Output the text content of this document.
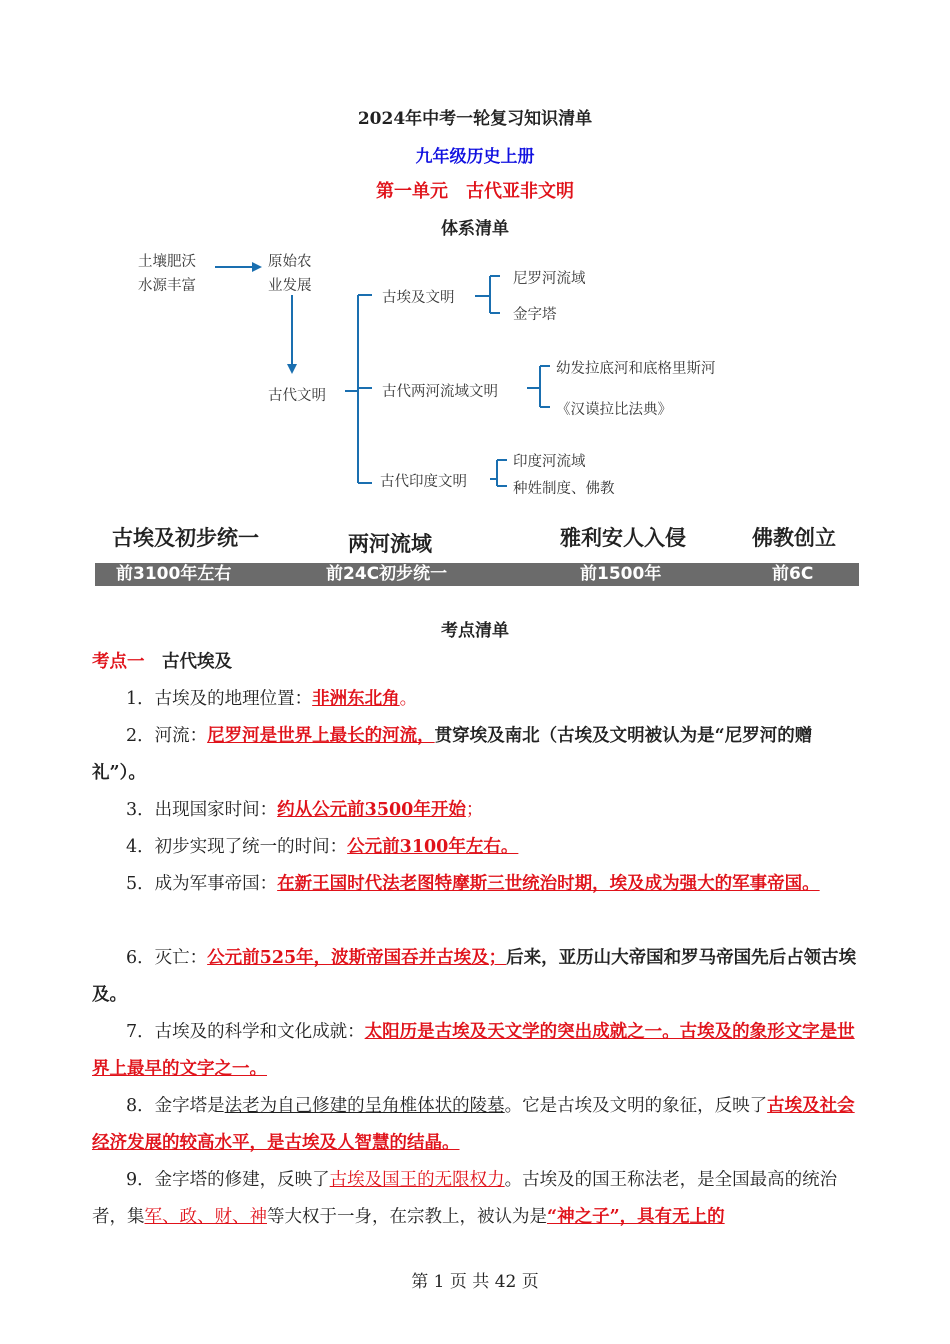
2024年中考一轮复习知识清单
九年级历史上册
第一单元　古代亚非文明
体系清单
土壤肥沃
水源丰富
原始农
业发展
古代文明
古埃及文明
尼罗河流域
金字塔
古代两河流域文明
幼发拉底河和底格里斯河
《汉谟拉比法典》
古代印度文明
印度河流域
种姓制度、佛教
古埃及初步统一	两河流域	雅利安人入侵	佛教创立
前3100年左右	前24C初步统一	前1500年	前6C
考点清单
考点一　 古代埃及
1．古埃及的地理位置：非洲东北角。
2．河流：尼罗河是世界上最长的河流，贯穿埃及南北（古埃及文明被认为是“尼罗河的赠礼”）。
3．出现国家时间：约从公元前3500年开始；
4．初步实现了统一的时间：公元前3100年左右。
5．成为军事帝国：在新王国时代法老图特摩斯三世统治时期，埃及成为强大的军事帝国。
6．灭亡：公元前525年，波斯帝国吞并古埃及；后来，亚历山大帝国和罗马帝国先后占领古埃及。
7．古埃及的科学和文化成就：太阳历是古埃及天文学的突出成就之一。古埃及的象形文字是世界上最早的文字之一。
8．金字塔是法老为自己修建的呈角椎体状的陵墓。它是古埃及文明的象征，反映了古埃及社会经济发展的较高水平，是古埃及人智慧的结晶。
9．金字塔的修建，反映了古埃及国王的无限权力。古埃及的国王称法老，是全国最高的统治者，集军、政、财、神等大权于一身，在宗教上，被认为是“神之子”，具有无上的
第 1 页 共 42 页
